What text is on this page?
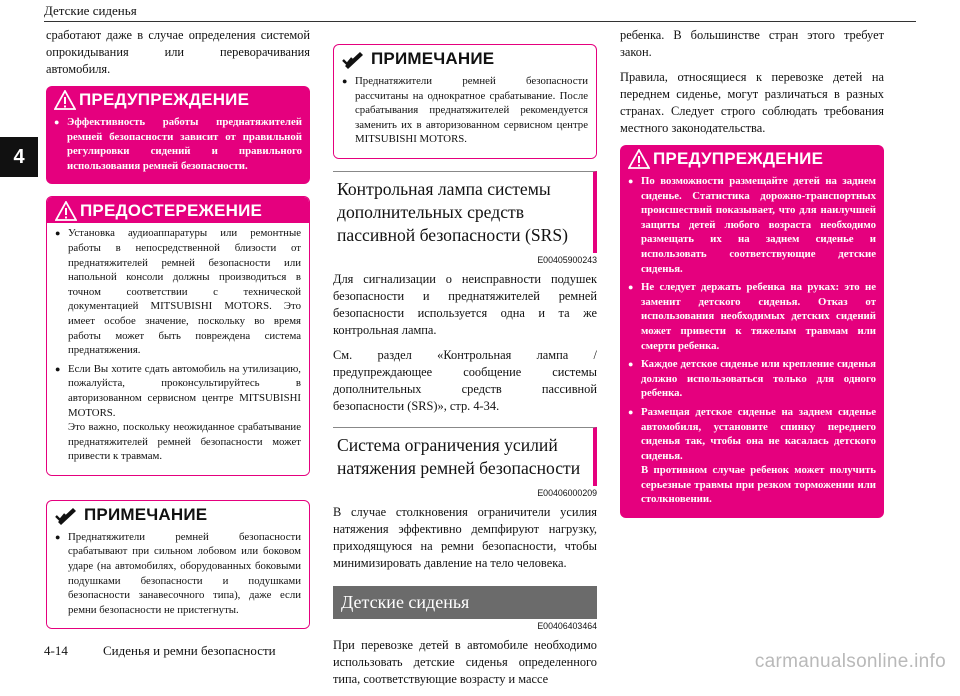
Детские сиденья
4

сработают даже в случае определения системой опрокидывания или переворачивания автомобиля.

ПРЕДУПРЕЖДЕНИЕ
● Эффективность работы преднатяжителей ремней безопасности зависит от правильной регулировки сидений и правильного использования ремней безопасности.
ПРЕДОСТЕРЕЖЕНИЕ
● Установка аудиоаппаратуры или ремонтные работы в непосредственной близости от преднатяжителей ремней безопасности или напольной консоли должны производиться в точном соответствии с технической документацией MITSUBISHI MOTORS. Это имеет особое значение, поскольку во время работы может быть повреждена система преднатяжения.
● Если Вы хотите сдать автомобиль на утилизацию, пожалуйста, проконсультируйтесь в авторизованном сервисном центре MITSUBISHI MOTORS.
Это важно, поскольку неожиданное срабатывание преднатяжителей ремней безопасности может привести к травмам.
ПРИМЕЧАНИЕ
● Преднатяжители ремней безопасности срабатывают при сильном лобовом или боковом ударе (на автомобилях, оборудованных боковыми подушками безопасности и подушками безопасности занавесочного типа), даже если ремни безопасности не пристегнуты.
ПРИМЕЧАНИЕ
● Преднатяжители ремней безопасности рассчитаны на однократное срабатывание. После срабатывания преднатяжителей рекомендуется заменить их в авторизованном сервисном центре MITSUBISHI MOTORS.
Контрольная лампа системы
дополнительных средств
пассивной безопасности (SRS)
E00405900243

Для сигнализации о неисправности подушек безопасности и преднатяжителей ремней безопасности используется одна и та же контрольная лампа.

См. раздел «Контрольная лампа / предупреждающее сообщение системы дополнительных средств пассивной безопасности (SRS)», стр. 4-34.

Система ограничения усилий
натяжения ремней безопасности
E00406000209

В случае столкновения ограничители усилия натяжения эффективно демпфируют нагрузку, приходящуюся на ремни безопасности, чтобы минимизировать давление на тело человека.

Детские сиденья
E00406403464

При перевозке детей в автомобиле необходимо использовать детские сиденья определенного типа, соответствующие возрасту и массе

ребенка. В большинстве стран этого требует закон.

Правила, относящиеся к перевозке детей на переднем сиденье, могут различаться в разных странах. Следует строго соблюдать требования местного законодательства.

ПРЕДУПРЕЖДЕНИЕ
● По возможности размещайте детей на заднем сиденье. Статистика дорожно-транспортных происшествий показывает, что для наилучшей защиты детей любого возраста необходимо размещать их на заднем сиденье и использовать соответствующие детские сиденья.
● Не следует держать ребенка на руках: это не заменит детского сиденья. Отказ от использования необходимых детских сидений может привести к тяжелым травмам или смерти ребенка.
● Каждое детское сиденье или крепление сиденья должно использоваться только для одного ребенка.
● Размещая детское сиденье на заднем сиденье автомобиля, установите спинку переднего сиденья так, чтобы она не касалась детского сиденья.
В противном случае ребенок может получить серьезные травмы при резком торможении или столкновении.
4-14	Сиденья и ремни безопасности
carmanualsonline.info
